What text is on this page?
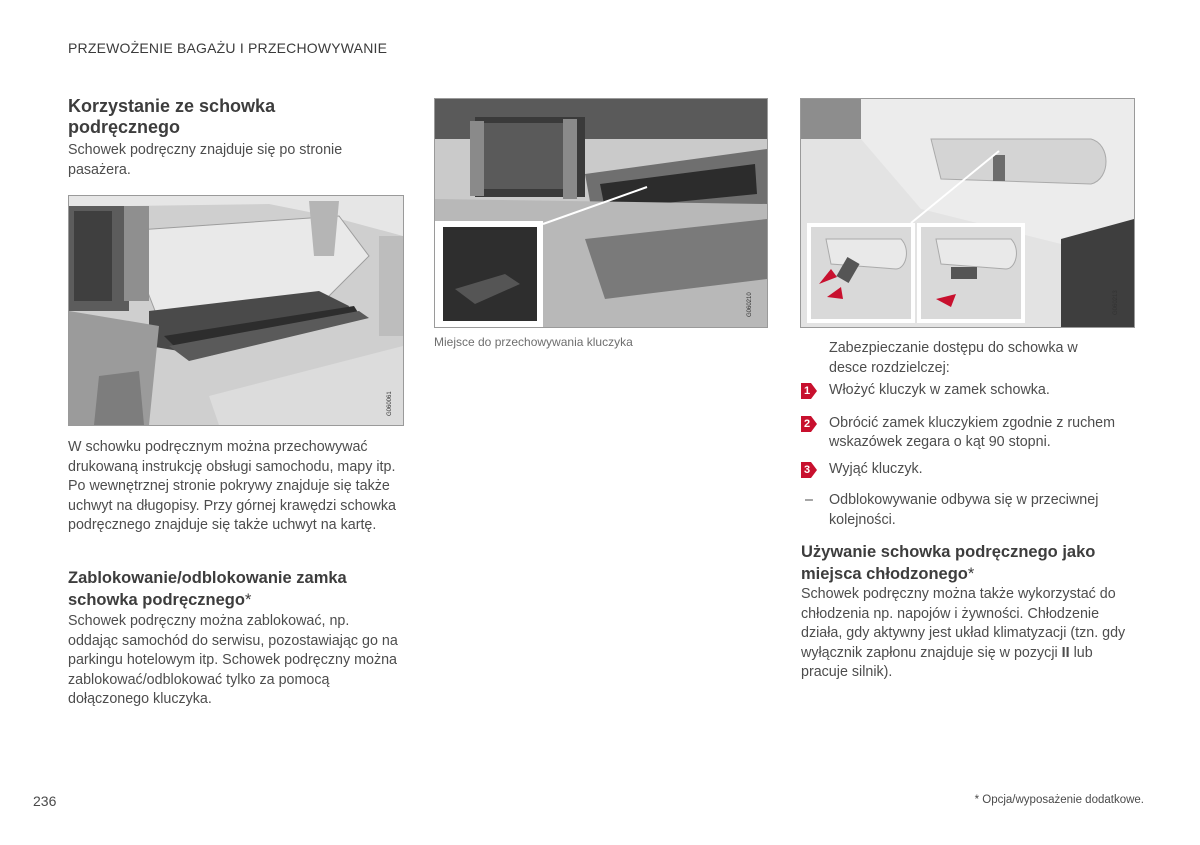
PRZEWOŻENIE BAGAŻU I PRZECHOWYWANIE
Korzystanie ze schowka podręcznego
Schowek podręczny znajduje się po stronie pasażera.
G060061
W schowku podręcznym można przechowywać drukowaną instrukcję obsługi samochodu, mapy itp. Po wewnętrznej stronie pokrywy znajduje się także uchwyt na długopisy. Przy górnej krawędzi schowka podręcznego znajduje się także uchwyt na kartę.
Zablokowanie/odblokowanie zamka schowka podręcznego*
Schowek podręczny można zablokować, np. oddając samochód do serwisu, pozostawiając go na parkingu hotelowym itp. Schowek podręczny można zablokować/odblokować tylko za pomocą dołączonego kluczyka.
G060210
Miejsce do przechowywania kluczyka
G060213
Zabezpieczanie dostępu do schowka w desce rozdzielczej:
1 Włożyć kluczyk w zamek schowka.
2 Obrócić zamek kluczykiem zgodnie z ruchem wskazówek zegara o kąt 90 stopni.
3 Wyjąć kluczyk.
– Odblokowywanie odbywa się w przeciwnej kolejności.
Używanie schowka podręcznego jako miejsca chłodzonego*
Schowek podręczny można także wykorzystać do chłodzenia np. napojów i żywności. Chłodzenie działa, gdy aktywny jest układ klimatyzacji (tzn. gdy wyłącznik zapłonu znajduje się w pozycji II lub pracuje silnik).
236	* Opcja/wyposażenie dodatkowe.
